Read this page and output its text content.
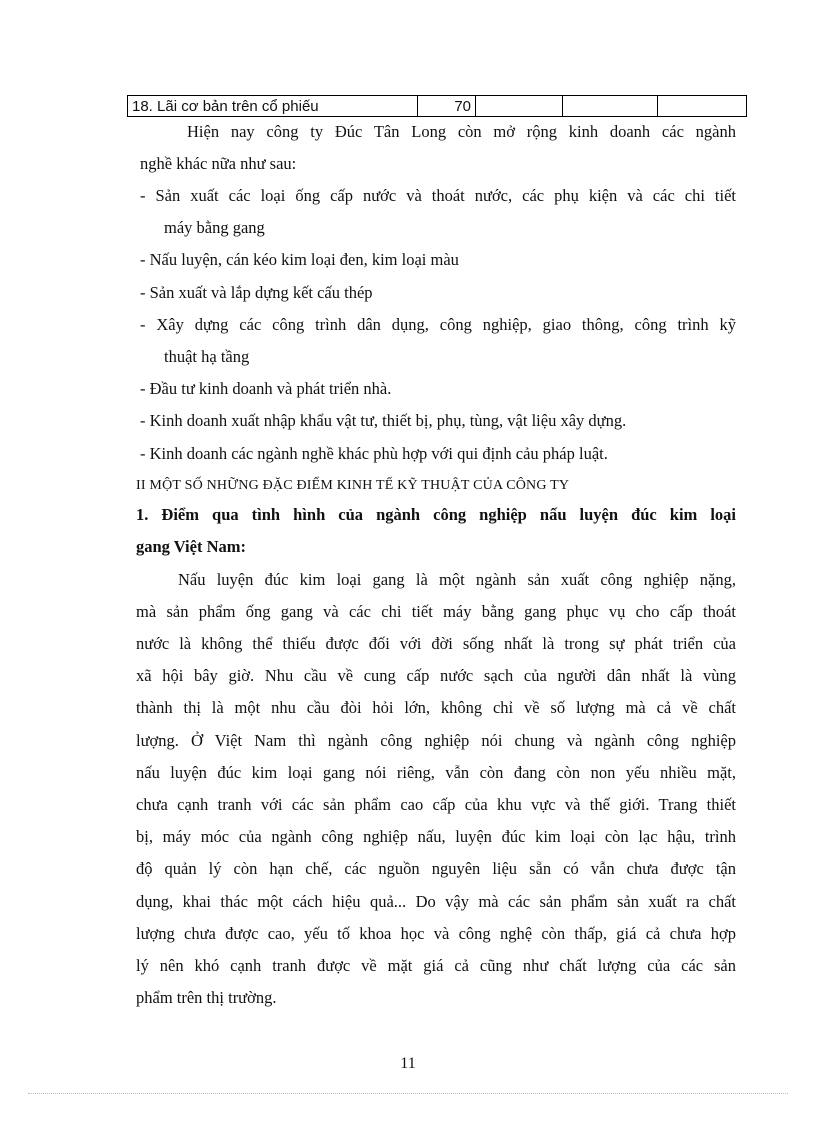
18. Lãi cơ bản trên cổ phiếu	70			
Hiện nay công ty Đúc Tân Long còn mở rộng kinh doanh các ngành
nghề khác nữa như sau:
- Sản xuất các loại ống cấp nước và thoát nước, các phụ kiện và các chi tiết
máy bằng gang
- Nấu luyện, cán kéo kim loại đen, kim loại màu
- Sản xuất và lắp dựng kết cấu thép
- Xây dựng các công trình dân dụng, công nghiệp, giao thông, công trình kỹ
thuật hạ tầng
- Đầu tư kinh doanh và phát triển nhà.
- Kinh doanh xuất nhập khẩu vật tư, thiết bị, phụ, tùng, vật liệu xây dựng.
- Kinh doanh các ngành nghề khác phù hợp với qui định cảu pháp luật.
II MỘT SỐ NHỮNG ĐẶC ĐIỂM KINH TẾ KỸ THUẬT CỦA CÔNG TY
1. Điểm qua tình hình của ngành công nghiệp nấu luyện đúc kim loại
gang Việt Nam:
Nấu luyện đúc kim loại gang là một ngành sản xuất công nghiệp nặng,
mà sản phẩm ống gang và các chi tiết máy bằng gang phục vụ cho cấp thoát
nước là không thể thiếu được đối với đời sống nhất là trong sự phát triển của
xã hội bây giờ. Nhu cầu về cung cấp nước sạch của người dân nhất là vùng
thành thị là một nhu cầu đòi hỏi lớn, không chỉ về số lượng mà cả về chất
lượng. Ở Việt Nam thì ngành công nghiệp nói chung và ngành công nghiệp
nấu luyện đúc kim loại gang nói riêng, vẫn còn đang còn non yếu nhiều mặt,
chưa cạnh tranh với các sản phẩm cao cấp của khu vực và thế giới. Trang thiết
bị, máy móc của ngành công nghiệp nấu, luyện đúc kim loại còn lạc hậu, trình
độ quản lý còn hạn chế, các nguồn nguyên liệu sẵn có vẫn chưa được tận
dụng, khai thác một cách hiệu quả... Do vậy mà các sản phẩm sản xuất ra chất
lượng chưa được cao, yếu tố khoa học và công nghệ còn thấp, giá cả chưa hợp
lý nên khó cạnh tranh được về mặt giá cả cũng như chất lượng của các sản
phẩm trên thị trường.
11
